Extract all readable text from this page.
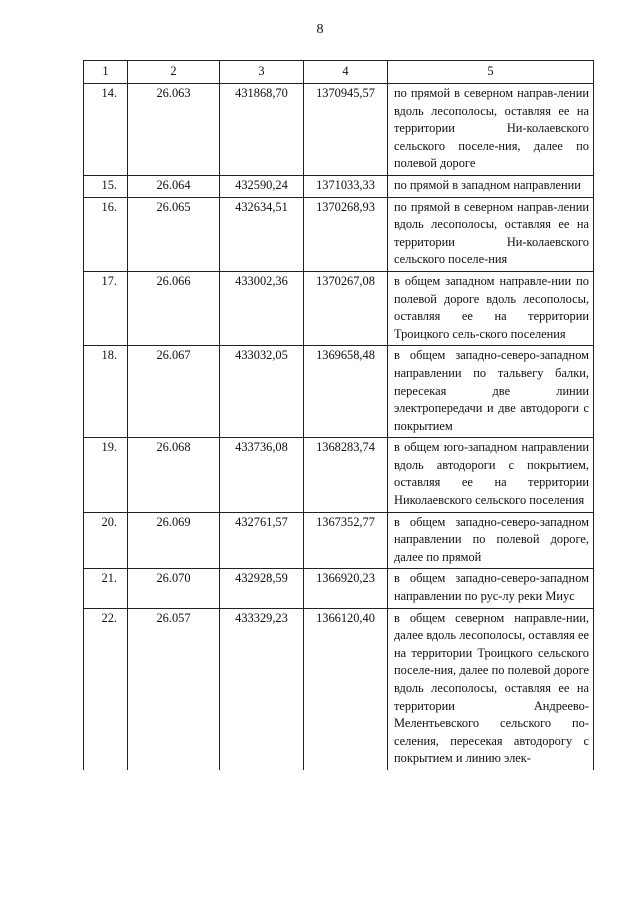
8
1	2	3	4	5
14.	26.063	431868,70	1370945,57	по прямой в северном направ-лении вдоль лесополосы, оставляя ее на территории Ни-колаевского сельского поселе-ния, далее по полевой дороге
15.	26.064	432590,24	1371033,33	по прямой в западном направлении
16.	26.065	432634,51	1370268,93	по прямой в северном направ-лении вдоль лесополосы, оставляя ее на территории Ни-колаевского сельского поселе-ния
17.	26.066	433002,36	1370267,08	в общем западном направле-нии по полевой дороге вдоль лесополосы, оставляя ее на территории Троицкого сель-ского поселения
18.	26.067	433032,05	1369658,48	в общем западно-северо-западном направлении по тальвегу балки, пересекая две линии электропередачи и две автодороги с покрытием
19.	26.068	433736,08	1368283,74	в общем юго-западном направлении вдоль автодороги с покрытием, оставляя ее на территории Николаевского сельского поселения
20.	26.069	432761,57	1367352,77	в общем западно-северо-западном направлении по полевой дороге, далее по прямой
21.	26.070	432928,59	1366920,23	в общем западно-северо-западном направлении по рус-лу реки Миус
22.	26.057	433329,23	1366120,40	в общем северном направле-нии, далее вдоль лесополосы, оставляя ее на территории Троицкого сельского поселе-ния, далее по полевой дороге вдоль лесополосы, оставляя ее на территории Андреево-Мелентьевского сельского по-селения, пересекая автодорогу с покрытием и линию элек-
